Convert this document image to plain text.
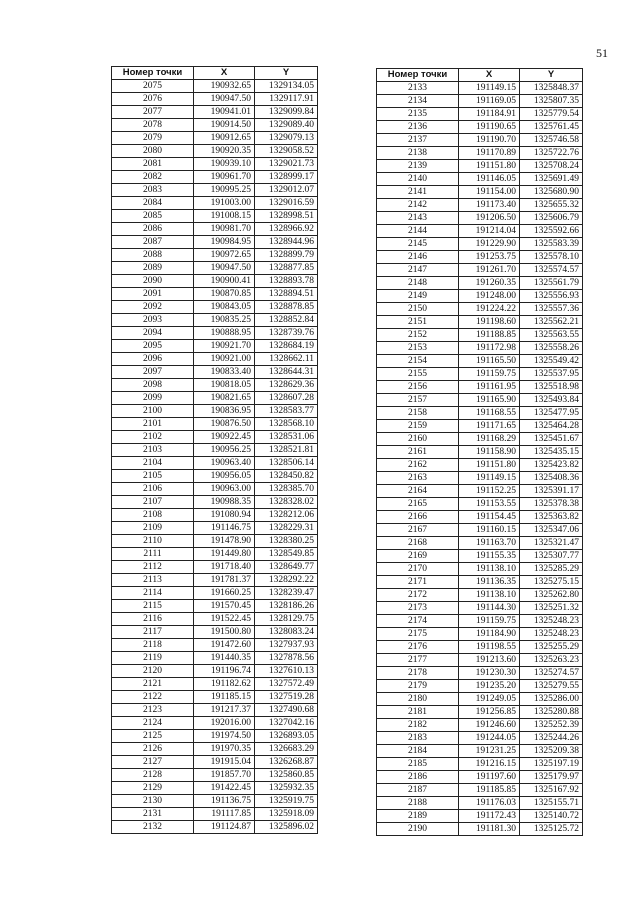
51
Номер точки	X	Y
2075	190932.65	1329134.05
2076	190947.50	1329117.91
2077	190941.01	1329099.84
2078	190914.50	1329089.40
2079	190912.65	1329079.13
2080	190920.35	1329058.52
2081	190939.10	1329021.73
2082	190961.70	1328999.17
2083	190995.25	1329012.07
2084	191003.00	1329016.59
2085	191008.15	1328998.51
2086	190981.70	1328966.92
2087	190984.95	1328944.96
2088	190972.65	1328899.79
2089	190947.50	1328877.85
2090	190900.41	1328893.78
2091	190870.85	1328894.51
2092	190843.05	1328878.85
2093	190835.25	1328852.84
2094	190888.95	1328739.76
2095	190921.70	1328684.19
2096	190921.00	1328662.11
2097	190833.40	1328644.31
2098	190818.05	1328629.36
2099	190821.65	1328607.28
2100	190836.95	1328583.77
2101	190876.50	1328568.10
2102	190922.45	1328531.06
2103	190956.25	1328521.81
2104	190963.40	1328506.14
2105	190956.05	1328450.82
2106	190963.00	1328385.70
2107	190988.35	1328328.02
2108	191080.94	1328212.06
2109	191146.75	1328229.31
2110	191478.90	1328380.25
2111	191449.80	1328549.85
2112	191718.40	1328649.77
2113	191781.37	1328292.22
2114	191660.25	1328239.47
2115	191570.45	1328186.26
2116	191522.45	1328129.75
2117	191500.80	1328083.24
2118	191472.60	1327937.93
2119	191440.35	1327878.56
2120	191196.74	1327610.13
2121	191182.62	1327572.49
2122	191185.15	1327519.28
2123	191217.37	1327490.68
2124	192016.00	1327042.16
2125	191974.50	1326893.05
2126	191970.35	1326683.29
2127	191915.04	1326268.87
2128	191857.70	1325860.85
2129	191422.45	1325932.35
2130	191136.75	1325919.75
2131	191117.85	1325918.09
2132	191124.87	1325896.02
Номер точки	X	Y
2133	191149.15	1325848.37
2134	191169.05	1325807.35
2135	191184.91	1325779.54
2136	191190.65	1325761.45
2137	191190.70	1325746.58
2138	191170.89	1325722.76
2139	191151.80	1325708.24
2140	191146.05	1325691.49
2141	191154.00	1325680.90
2142	191173.40	1325655.32
2143	191206.50	1325606.79
2144	191214.04	1325592.66
2145	191229.90	1325583.39
2146	191253.75	1325578.10
2147	191261.70	1325574.57
2148	191260.35	1325561.79
2149	191248.00	1325556.93
2150	191224.22	1325557.36
2151	191198.60	1325562.21
2152	191188.85	1325563.55
2153	191172.98	1325558.26
2154	191165.50	1325549.42
2155	191159.75	1325537.95
2156	191161.95	1325518.98
2157	191165.90	1325493.84
2158	191168.55	1325477.95
2159	191171.65	1325464.28
2160	191168.29	1325451.67
2161	191158.90	1325435.15
2162	191151.80	1325423.82
2163	191149.15	1325408.36
2164	191152.25	1325391.17
2165	191153.55	1325378.38
2166	191154.45	1325363.82
2167	191160.15	1325347.06
2168	191163.70	1325321.47
2169	191155.35	1325307.77
2170	191138.10	1325285.29
2171	191136.35	1325275.15
2172	191138.10	1325262.80
2173	191144.30	1325251.32
2174	191159.75	1325248.23
2175	191184.90	1325248.23
2176	191198.55	1325255.29
2177	191213.60	1325263.23
2178	191230.30	1325274.57
2179	191235.20	1325279.55
2180	191249.05	1325286.00
2181	191256.85	1325280.88
2182	191246.60	1325252.39
2183	191244.05	1325244.26
2184	191231.25	1325209.38
2185	191216.15	1325197.19
2186	191197.60	1325179.97
2187	191185.85	1325167.92
2188	191176.03	1325155.71
2189	191172.43	1325140.72
2190	191181.30	1325125.72
